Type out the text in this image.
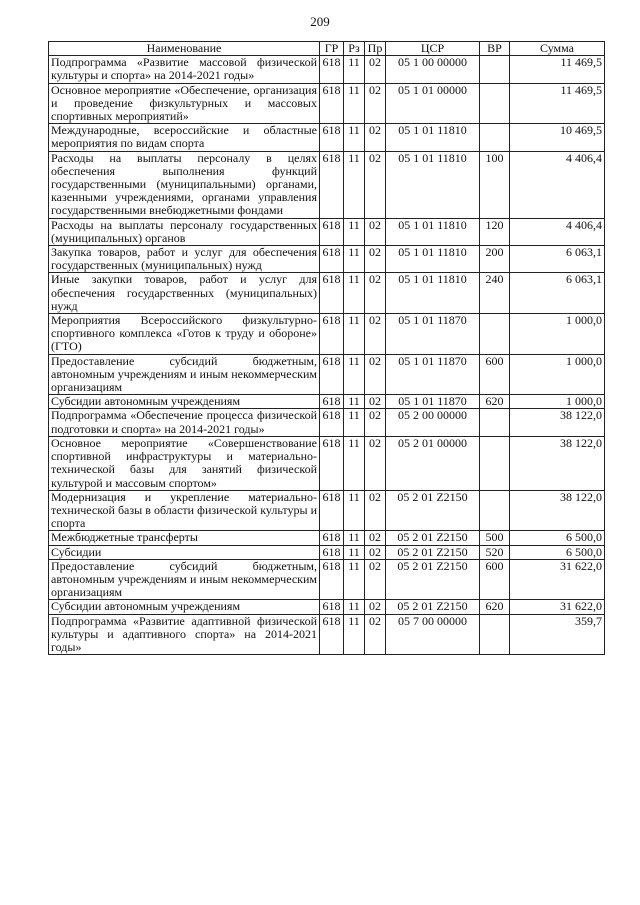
209
Наименование	ГР	Рз	Пр	ЦСР	ВР	Сумма
Подпрограмма «Развитие массовой физической культуры и спорта» на 2014-2021 годы»	618	11	02	05 1 00 00000		11 469,5
Основное мероприятие «Обеспечение, организация и проведение физкультурных и массовых спортивных мероприятий»	618	11	02	05 1 01 00000		11 469,5
Международные, всероссийские и областные мероприятия по видам спорта	618	11	02	05 1 01 11810		10 469,5
Расходы на выплаты персоналу в целях обеспечения выполнения функций государственными (муниципальными) органами, казенными учреждениями, органами управления государственными внебюджетными фондами	618	11	02	05 1 01 11810	100	4 406,4
Расходы на выплаты персоналу государственных (муниципальных) органов	618	11	02	05 1 01 11810	120	4 406,4
Закупка товаров, работ и услуг для обеспечения государственных (муниципальных) нужд	618	11	02	05 1 01 11810	200	6 063,1
Иные закупки товаров, работ и услуг для обеспечения государственных (муниципальных) нужд	618	11	02	05 1 01 11810	240	6 063,1
Мероприятия Всероссийского физкультурно-спортивного комплекса «Готов к труду и обороне» (ГТО)	618	11	02	05 1 01 11870		1 000,0
Предоставление субсидий бюджетным, автономным учреждениям и иным некоммерческим организациям	618	11	02	05 1 01 11870	600	1 000,0
Субсидии автономным учреждениям	618	11	02	05 1 01 11870	620	1 000,0
Подпрограмма «Обеспечение процесса физической подготовки и спорта» на 2014-2021 годы»	618	11	02	05 2 00 00000		38 122,0
Основное мероприятие «Совершенствование спортивной инфраструктуры и материально-технической базы для занятий физической культурой и массовым спортом»	618	11	02	05 2 01 00000		38 122,0
Модернизация и укрепление материально-технической базы в области физической культуры и спорта	618	11	02	05 2 01 Z2150		38 122,0
Межбюджетные трансферты	618	11	02	05 2 01 Z2150	500	6 500,0
Субсидии	618	11	02	05 2 01 Z2150	520	6 500,0
Предоставление субсидий бюджетным, автономным учреждениям и иным некоммерческим организациям	618	11	02	05 2 01 Z2150	600	31 622,0
Субсидии автономным учреждениям	618	11	02	05 2 01 Z2150	620	31 622,0
Подпрограмма «Развитие адаптивной физической культуры и адаптивного спорта» на 2014-2021 годы»	618	11	02	05 7 00 00000		359,7
